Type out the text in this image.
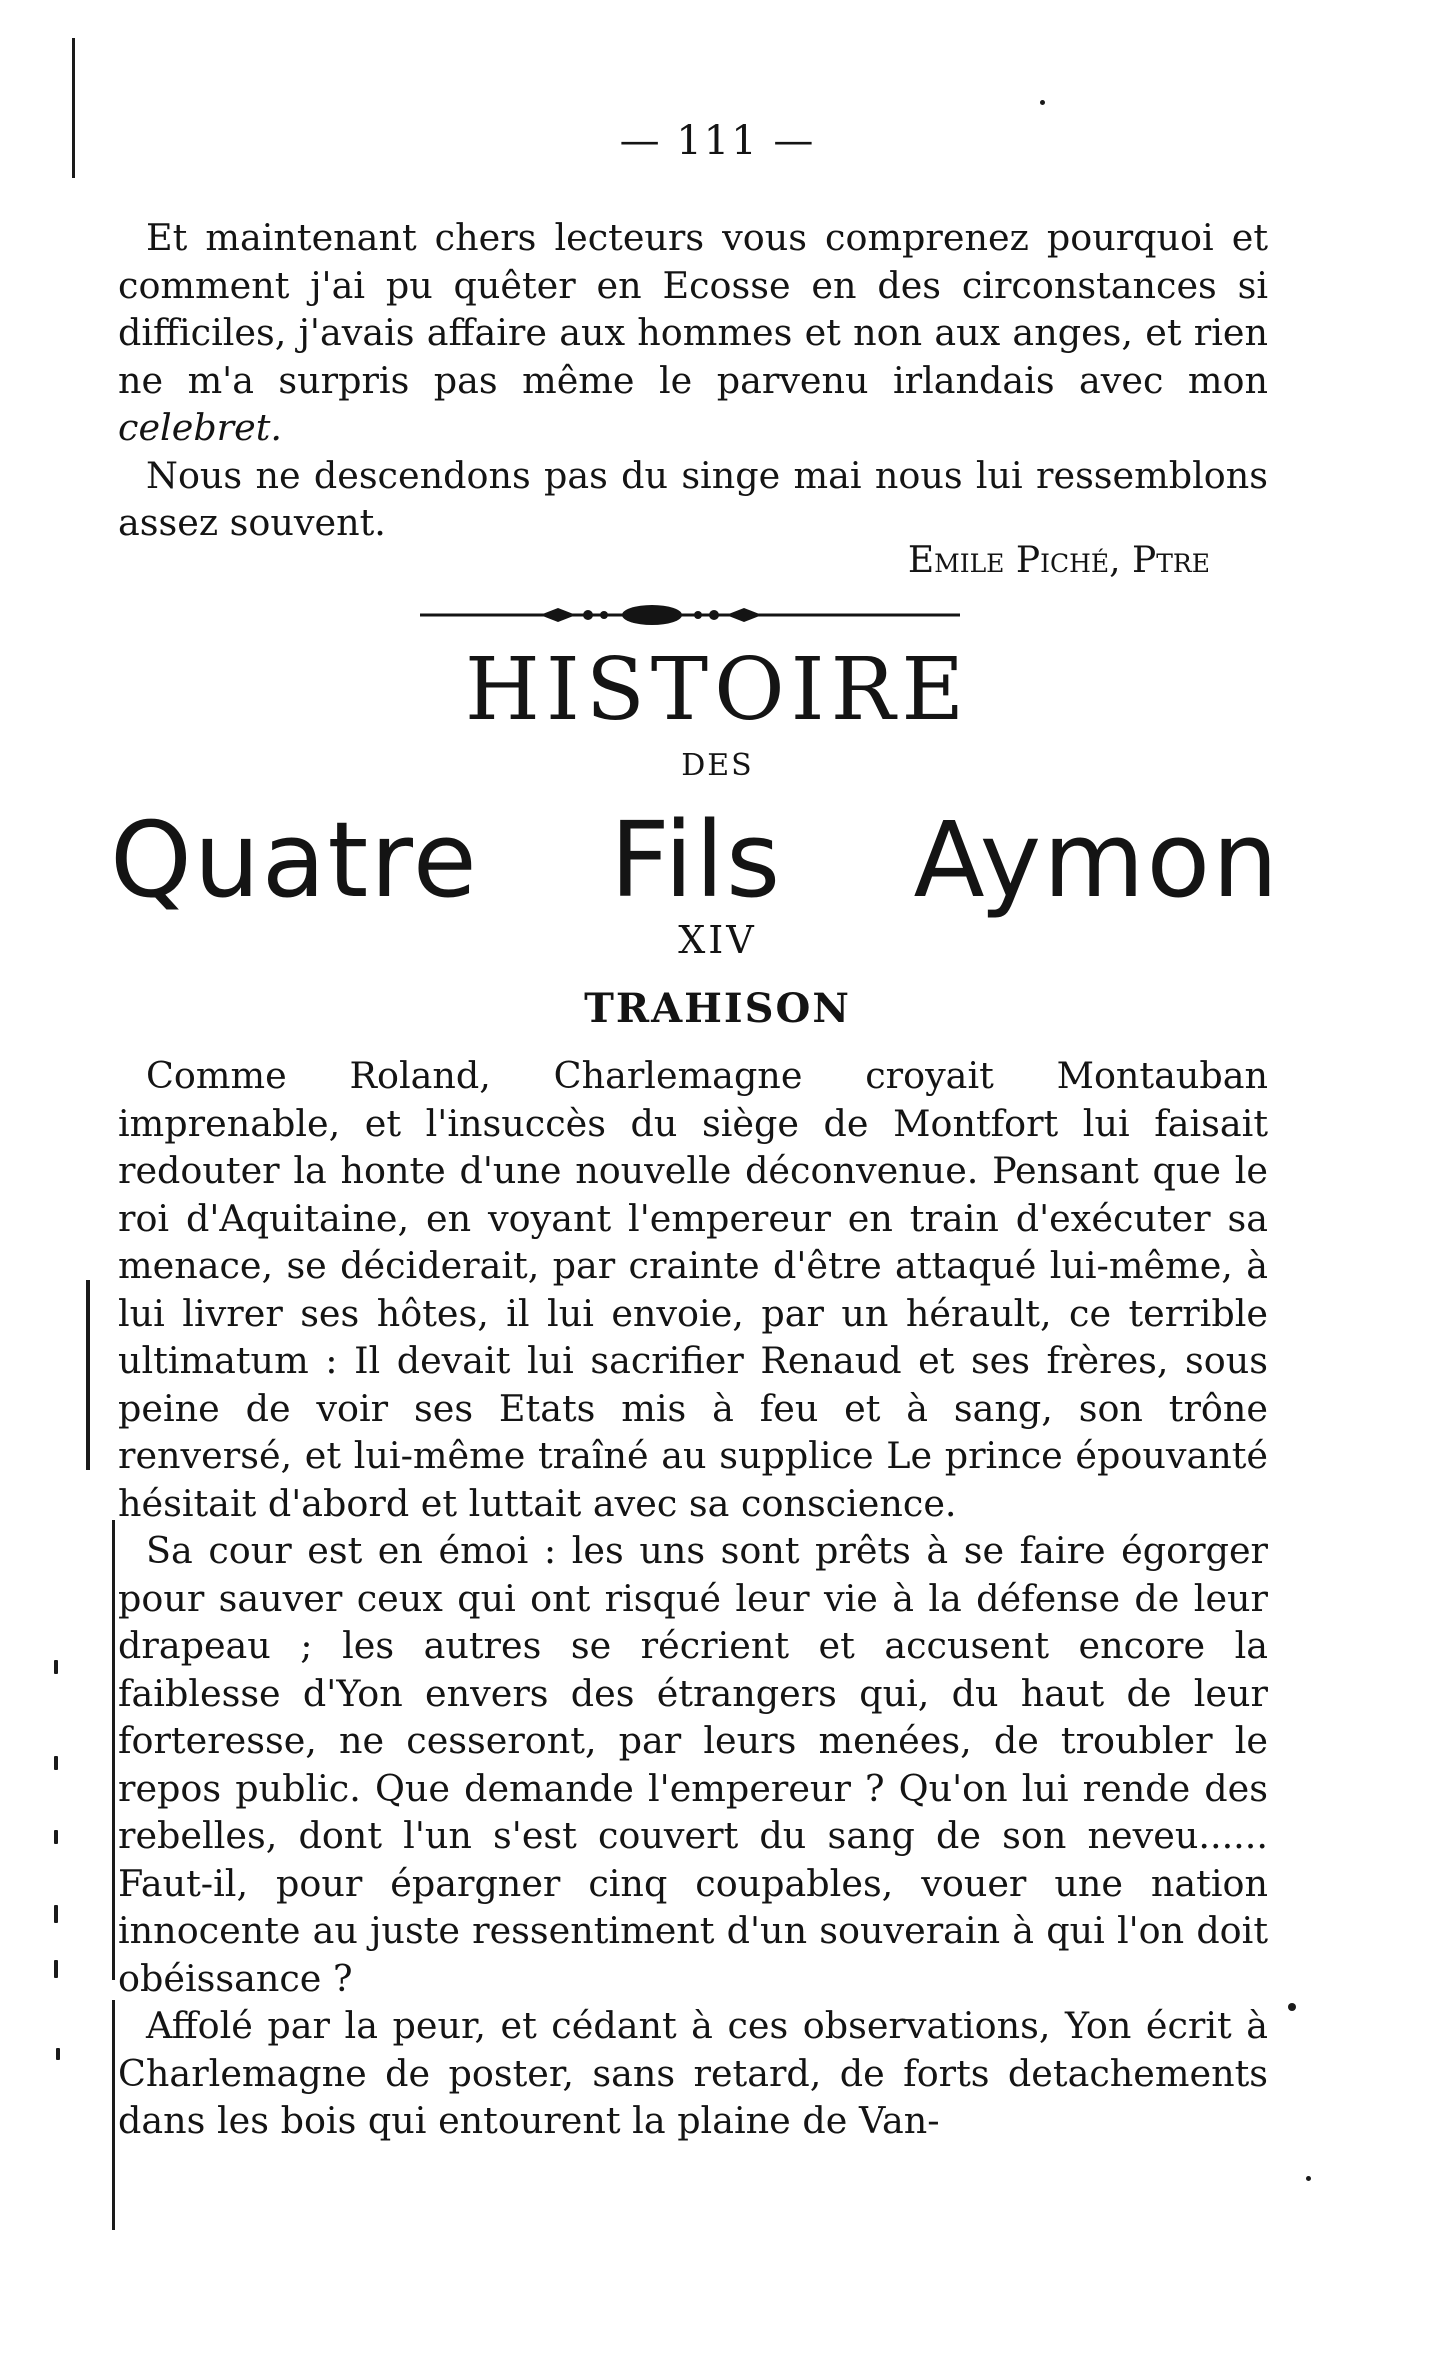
— 111 —

Et maintenant chers lecteurs vous comprenez pourquoi et comment j'ai pu quêter en Ecosse en des circonstances si difficiles, j'avais affaire aux hommes et non aux anges, et rien ne m'a surpris pas même le parvenu irlandais avec mon celebret.

Nous ne descendons pas du singe mai nous lui ressemblons assez souvent.

Emile Piché, Ptre
HISTOIRE
DES
Quatre Fils Aymon
XIV
TRAHISON

Comme Roland, Charlemagne croyait Montauban imprenable, et l'insuccès du siège de Montfort lui faisait redouter la honte d'une nouvelle déconvenue. Pensant que le roi d'Aquitaine, en voyant l'empereur en train d'exécuter sa menace, se déciderait, par crainte d'être attaqué lui-même, à lui livrer ses hôtes, il lui envoie, par un hérault, ce terrible ultimatum : Il devait lui sacrifier Renaud et ses frères, sous peine de voir ses Etats mis à feu et à sang, son trône renversé, et lui-même traîné au supplice Le prince épouvanté hésitait d'abord et luttait avec sa conscience.

Sa cour est en émoi : les uns sont prêts à se faire égorger pour sauver ceux qui ont risqué leur vie à la défense de leur drapeau ; les autres se récrient et accusent encore la faiblesse d'Yon envers des étrangers qui, du haut de leur forteresse, ne cesseront, par leurs menées, de troubler le repos public. Que demande l'empereur ? Qu'on lui rende des rebelles, dont l'un s'est couvert du sang de son neveu...... Faut-il, pour épargner cinq coupables, vouer une nation innocente au juste ressentiment d'un souverain à qui l'on doit obéissance ?

Affolé par la peur, et cédant à ces observations, Yon écrit à Charlemagne de poster, sans retard, de forts detachements dans les bois qui entourent la plaine de Van-
